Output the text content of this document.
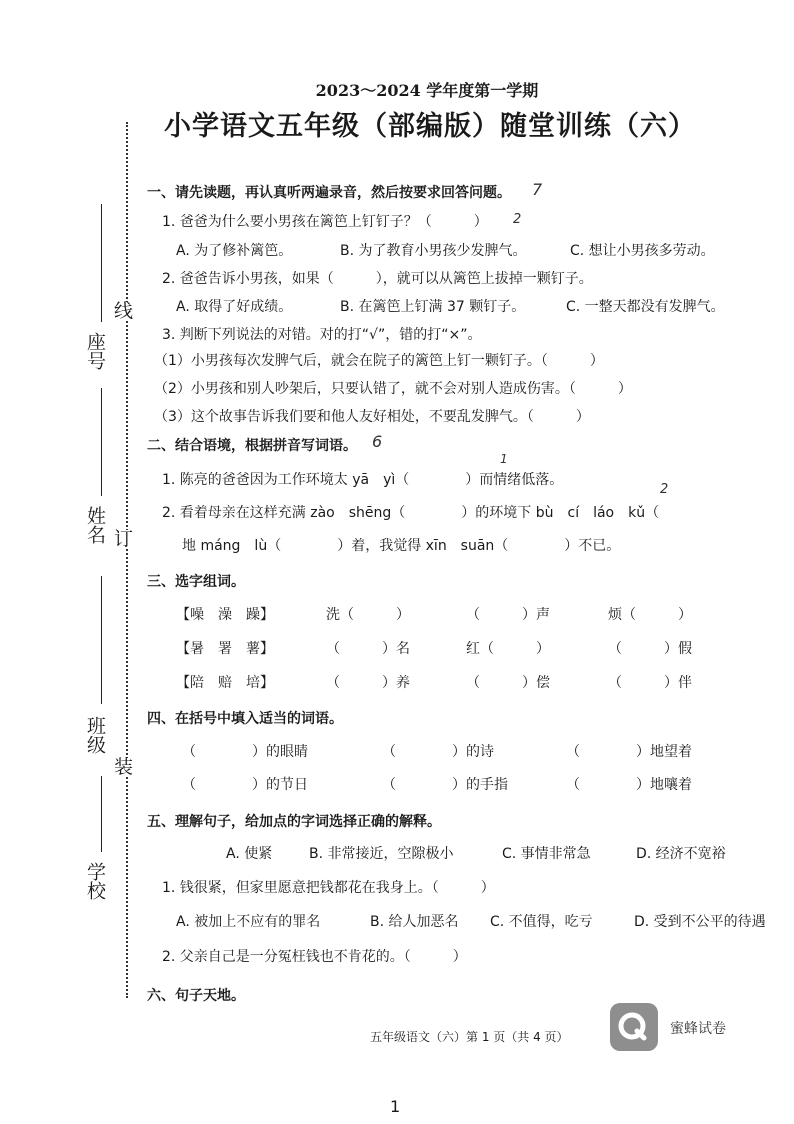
线
订
装
座号
姓名
班级
学校
2023～2024 学年度第一学期
小学语文五年级（部编版）随堂训练（六）
一、请先读题，再认真听两遍录音，然后按要求回答问题。 7
1. 爸爸为什么要小男孩在篱笆上钉钉子？（　　　） 2
A. 为了修补篱笆。	B. 为了教育小男孩少发脾气。	C. 想让小男孩多劳动。
2. 爸爸告诉小男孩，如果（　　　），就可以从篱笆上拔掉一颗钉子。
A. 取得了好成绩。	B. 在篱笆上钉满 37 颗钉子。	C. 一整天都没有发脾气。
3. 判断下列说法的对错。对的打“√”，错的打“×”。
（1）小男孩每次发脾气后，就会在院子的篱笆上钉一颗钉子。（　　　）
（2）小男孩和别人吵架后，只要认错了，就不会对别人造成伤害。（　　　）
（3）这个故事告诉我们要和他人友好相处，不要乱发脾气。（　　　）
二、结合语境，根据拼音写词语。 6
1
1. 陈亮的爸爸因为工作环境太 yā　yì（　　　　）而情绪低落。
2
2. 看着母亲在这样充满 zào　shēng（　　　　）的环境下 bù　cí　láo　kǔ（
地 máng　lù（　　　　）着，我觉得 xīn　suān（　　　　）不已。
三、选字组词。
【噪　澡　躁】	洗（　　　）	（　　　）声	烦（　　　）
【暑　署　薯】	（　　　）名	红（　　　）	（　　　）假
【陪　赔　培】	（　　　）养	（　　　）偿	（　　　）伴
四、在括号中填入适当的词语。
（　　　　）的眼睛	（　　　　）的诗	（　　　　）地望着
（　　　　）的节日	（　　　　）的手指	（　　　　）地嚷着
五、理解句子，给加点的字词选择正确的解释。
A. 使紧	B. 非常接近，空隙极小	C. 事情非常急	D. 经济不宽裕
1. 钱很紧，但家里愿意把钱都花在我身上。（　　　）
A. 被加上不应有的罪名	B. 给人加恶名 C. 不值得，吃亏	D. 受到不公平的待遇
2. 父亲自己是一分冤枉钱也不肯花的。（　　　）
六、句子天地。
五年级语文（六）第 1 页（共 4 页）	蜜蜂试卷
1
